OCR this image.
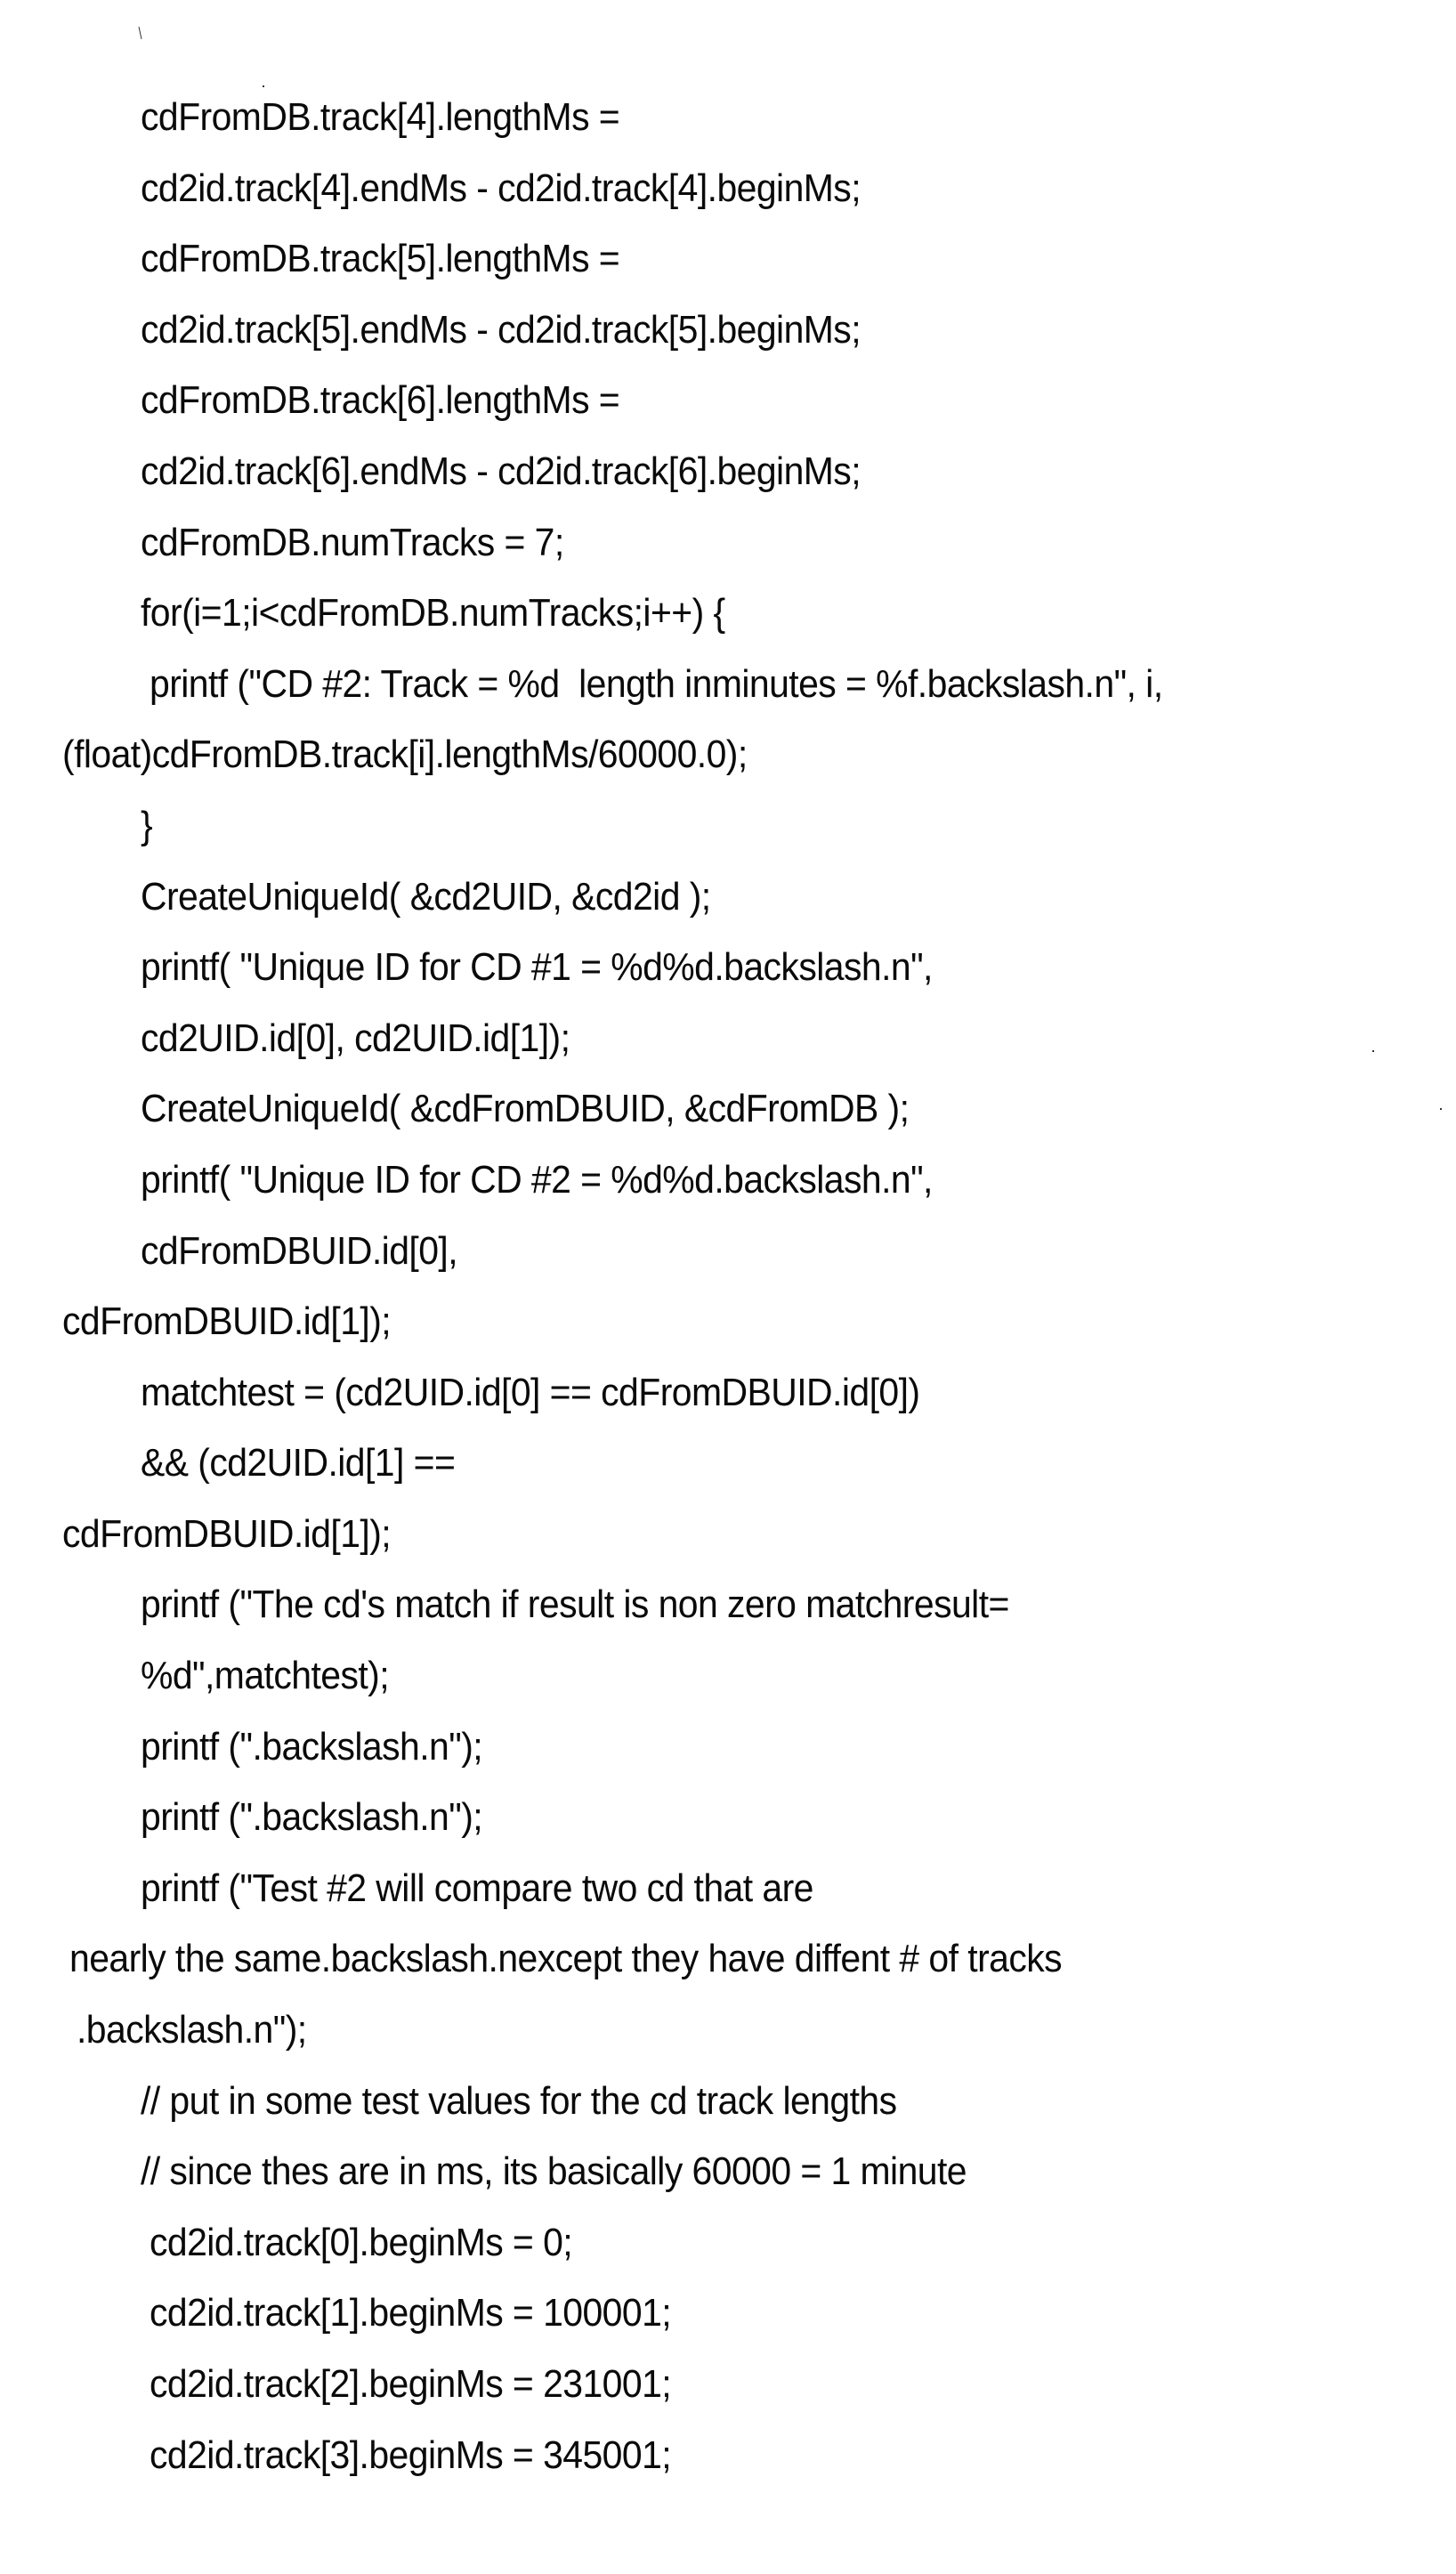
cdFromDB.track[4].lengthMs =
cd2id.track[4].endMs - cd2id.track[4].beginMs;
cdFromDB.track[5].lengthMs =
cd2id.track[5].endMs - cd2id.track[5].beginMs;
cdFromDB.track[6].lengthMs =
cd2id.track[6].endMs - cd2id.track[6].beginMs;
cdFromDB.numTracks = 7;
for(i=1;i<cdFromDB.numTracks;i++) {
printf ("CD #2: Track = %d  length inminutes = %f.backslash.n", i,
(float)cdFromDB.track[i].lengthMs/60000.0);
}
CreateUniqueId( &cd2UID, &cd2id );
printf( "Unique ID for CD #1 = %d%d.backslash.n",
cd2UID.id[0], cd2UID.id[1]);
CreateUniqueId( &cdFromDBUID, &cdFromDB );
printf( "Unique ID for CD #2 = %d%d.backslash.n",
cdFromDBUID.id[0],
cdFromDBUID.id[1]);
matchtest = (cd2UID.id[0] == cdFromDBUID.id[0])
&& (cd2UID.id[1] ==
cdFromDBUID.id[1]);
printf ("The cd's match if result is non zero matchresult=
%d",matchtest);
printf (".backslash.n");
printf (".backslash.n");
printf ("Test #2 will compare two cd that are
nearly the same.backslash.nexcept they have diffent # of tracks
.backslash.n");
// put in some test values for the cd track lengths
// since thes are in ms, its basically 60000 = 1 minute
cd2id.track[0].beginMs = 0;
cd2id.track[1].beginMs = 100001;
cd2id.track[2].beginMs = 231001;
cd2id.track[3].beginMs = 345001;
